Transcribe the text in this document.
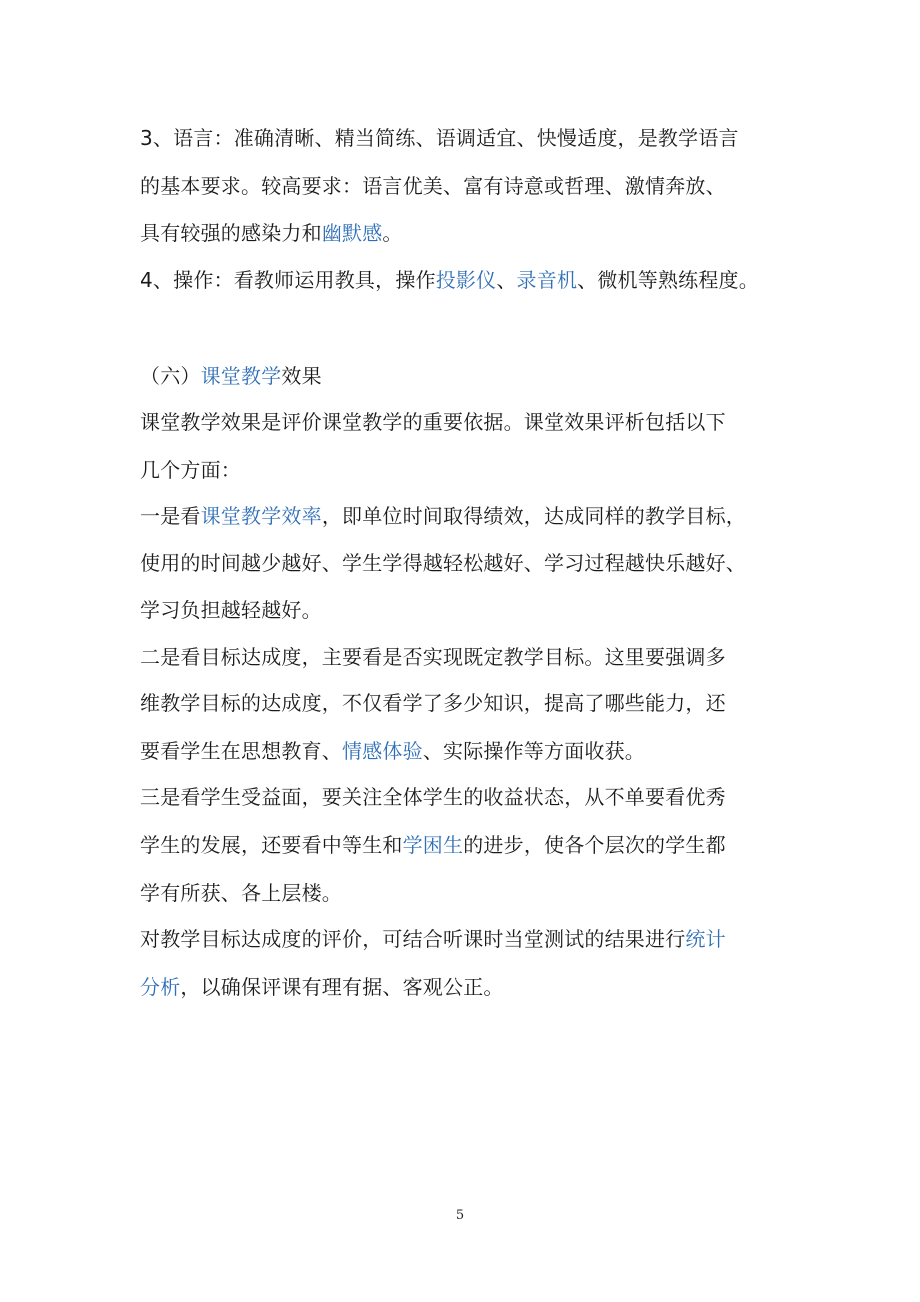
3、语言：准确清晰、精当简练、语调适宜、快慢适度，是教学语言
的基本要求。较高要求：语言优美、富有诗意或哲理、激情奔放、
具有较强的感染力和幽默感。
4、操作：看教师运用教具，操作投影仪、录音机、微机等熟练程度。
（六）课堂教学效果
课堂教学效果是评价课堂教学的重要依据。课堂效果评析包括以下
几个方面：
一是看课堂教学效率，即单位时间取得绩效，达成同样的教学目标，
使用的时间越少越好、学生学得越轻松越好、学习过程越快乐越好、
学习负担越轻越好。
二是看目标达成度，主要看是否实现既定教学目标。这里要强调多
维教学目标的达成度，不仅看学了多少知识，提高了哪些能力，还
要看学生在思想教育、情感体验、实际操作等方面收获。
三是看学生受益面，要关注全体学生的收益状态，从不单要看优秀
学生的发展，还要看中等生和学困生的进步，使各个层次的学生都
学有所获、各上层楼。
对教学目标达成度的评价，可结合听课时当堂测试的结果进行统计
分析，以确保评课有理有据、客观公正。
5
